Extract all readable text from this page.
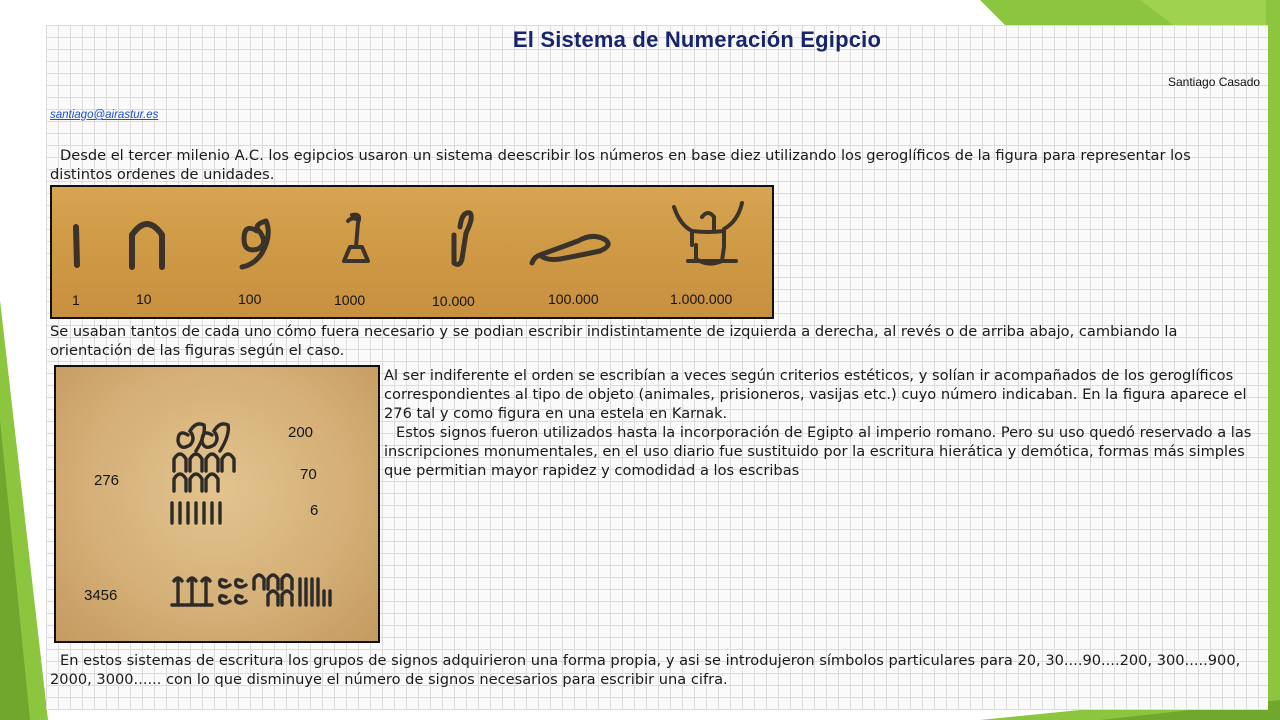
El Sistema de Numeración Egipcio
Santiago Casado
santiago@airastur.es

Desde el tercer milenio A.C. los egipcios usaron un sistema deescribir los números en base diez utilizando los geroglíficos de la figura para representar los distintos ordenes de unidades.

1	10	100	1000	10.000	100.000	1.000.000

Se usaban tantos de cada uno cómo fuera necesario y se podian escribir indistintamente de izquierda a derecha, al revés o de arriba abajo, cambiando la orientación de las figuras según el caso.

276
200
70
6
3456

Al ser indiferente el orden se escribían a veces según criterios estéticos, y solían ir acompañados de los geroglíficos correspondientes al tipo de objeto (animales, prisioneros, vasijas etc.) cuyo número indicaban. En la figura aparece el 276 tal y como figura en una estela en Karnak.

Estos signos fueron utilizados hasta la incorporación de Egipto al imperio romano. Pero su uso quedó reservado a las inscripciones monumentales, en el uso diario fue sustituido por la escritura hierática y demótica, formas más simples que permitian mayor rapidez y comodidad a los escribas

En estos sistemas de escritura los grupos de signos adquirieron una forma propia, y asi se introdujeron símbolos particulares para 20, 30....90....200, 300.....900, 2000, 3000...... con lo que disminuye el número de signos necesarios para escribir una cifra.
